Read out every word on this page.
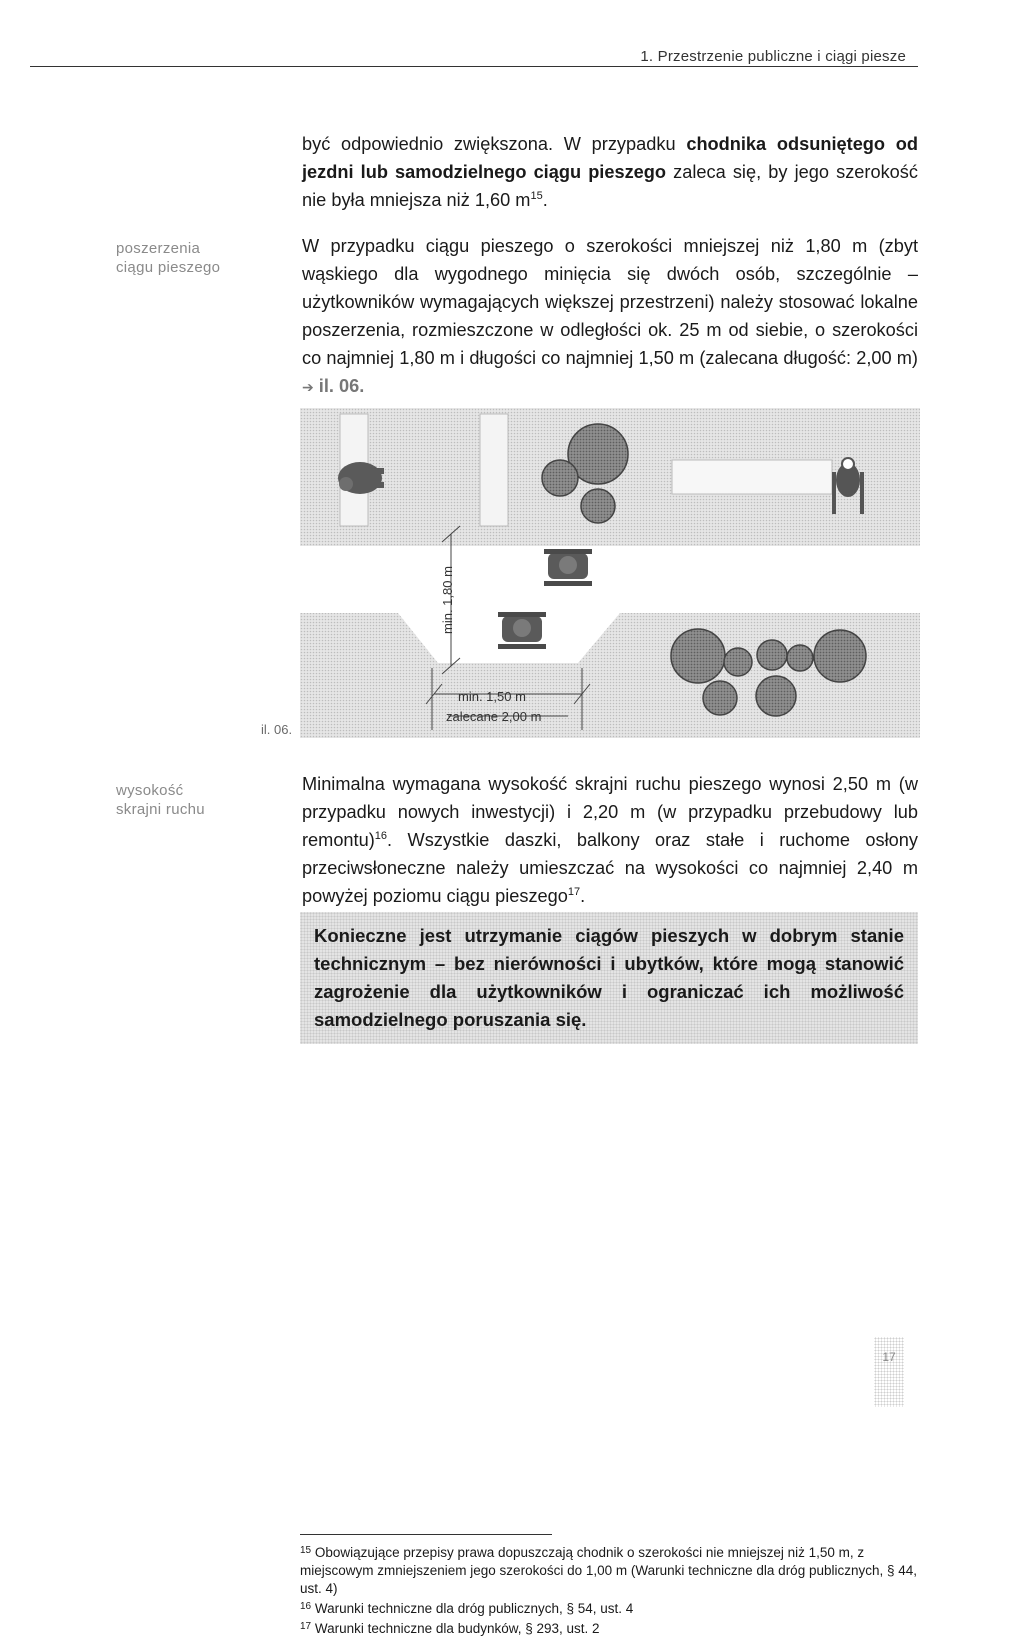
1. Przestrzenie publiczne i ciągi piesze
być odpowiednio zwiększona. W przypadku chodnika odsuniętego od jezdni lub samodzielnego ciągu pieszego zaleca się, by jego szerokość nie była mniejsza niż 1,60 $m^{15}$.
poszerzenia
ciągu pieszego
W przypadku ciągu pieszego o szerokości mniejszej niż 1,80 m (zbyt wąskiego dla wygodnego minięcia się dwóch osób, szczególnie – użytkowników wymagających większej przestrzeni) należy stosować lokalne poszerzenia, rozmieszczone w odległości ok. 25 m od siebie, o szerokości co najmniej 1,80 m i długości co najmniej 1,50 m (zalecana długość: 2,00 m) ➔ il. 06.
il. 06.
min. 1,80 m
min. 1,50 m
zalecane 2,00 m
wysokość
skrajni ruchu
Minimalna wymagana wysokość skrajni ruchu pieszego wynosi 2,50 m (w przypadku nowych inwestycji) i 2,20 m (w przypadku przebudowy lub remontu)$^{16}$. Wszystkie daszki, balkony oraz stałe i ruchome osłony przeciwsłoneczne należy umieszczać na wysokości co najmniej 2,40 m powyżej poziomu ciągu pieszego$^{17}$.
Konieczne jest utrzymanie ciągów pieszych w dobrym stanie technicznym – bez nierówności i ubytków, które mogą stanowić zagrożenie dla użytkowników i ograniczać ich możliwość samodzielnego poruszania się.
$^{15}$ Obowiązujące przepisy prawa dopuszczają chodnik o szerokości nie mniejszej niż 1,50 m, z miejscowym zmniejszeniem jego szerokości do 1,00 m (Warunki techniczne dla dróg publicznych, § 44, ust. 4)
$^{16}$ Warunki techniczne dla dróg publicznych, § 54, ust. 4
$^{17}$ Warunki techniczne dla budynków, § 293, ust. 2
17
